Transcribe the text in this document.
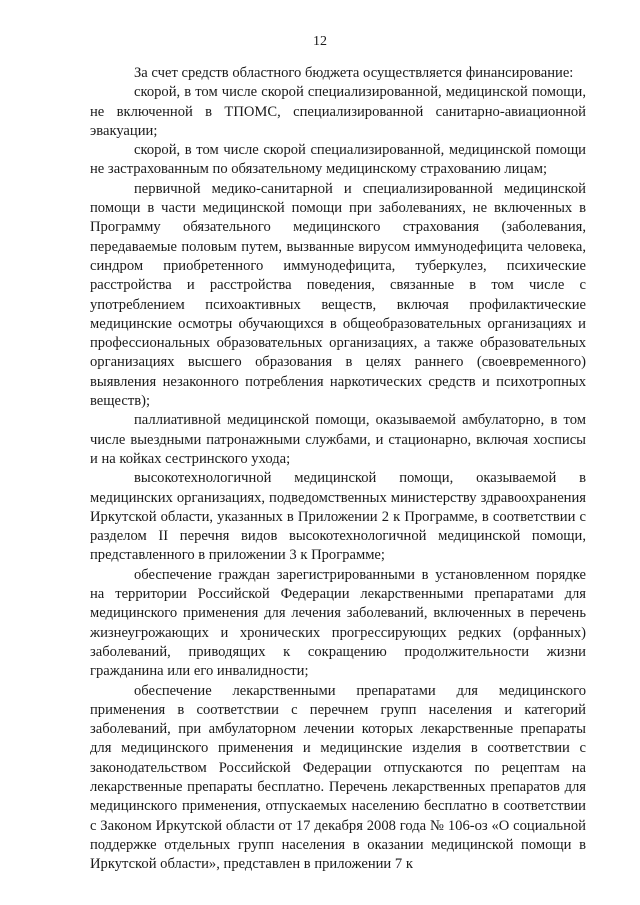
12

За счет средств областного бюджета осуществляется финансирование:

скорой, в том числе скорой специализированной, медицинской помощи, не включенной в ТПОМС, специализированной санитарно-авиационной эвакуации;

скорой, в том числе скорой специализированной, медицинской помощи не застрахованным по обязательному медицинскому страхованию лицам;

первичной медико-санитарной и специализированной медицинской помощи в части медицинской помощи при заболеваниях, не включенных в Программу обязательного медицинского страхования (заболевания, передаваемые половым путем, вызванные вирусом иммунодефицита человека, синдром приобретенного иммунодефицита, туберкулез, психические расстройства и расстройства поведения, связанные в том числе с употреблением психоактивных веществ, включая профилактические медицинские осмотры обучающихся в общеобразовательных организациях и профессиональных образовательных организациях, а также образовательных организациях высшего образования в целях раннего (своевременного) выявления незаконного потребления наркотических средств и психотропных веществ);

паллиативной медицинской помощи, оказываемой амбулаторно, в том числе выездными патронажными службами, и стационарно, включая хосписы и на койках сестринского ухода;

высокотехнологичной медицинской помощи, оказываемой в медицинских организациях, подведомственных министерству здравоохранения Иркутской области, указанных в Приложении 2 к Программе, в соответствии с разделом II перечня видов высокотехнологичной медицинской помощи, представленного в приложении 3 к Программе;

обеспечение граждан зарегистрированными в установленном порядке на территории Российской Федерации лекарственными препаратами для медицинского применения для лечения заболеваний, включенных в перечень жизнеугрожающих и хронических прогрессирующих редких (орфанных) заболеваний, приводящих к сокращению продолжительности жизни гражданина или его инвалидности;

обеспечение лекарственными препаратами для медицинского применения в соответствии с перечнем групп населения и категорий заболеваний, при амбулаторном лечении которых лекарственные препараты для медицинского применения и медицинские изделия в соответствии с законодательством Российской Федерации отпускаются по рецептам на лекарственные препараты бесплатно. Перечень лекарственных препаратов для медицинского применения, отпускаемых населению бесплатно в соответствии с Законом Иркутской области от 17 декабря 2008 года № 106-оз «О социальной поддержке отдельных групп населения в оказании медицинской помощи в Иркутской области», представлен в приложении 7 к
